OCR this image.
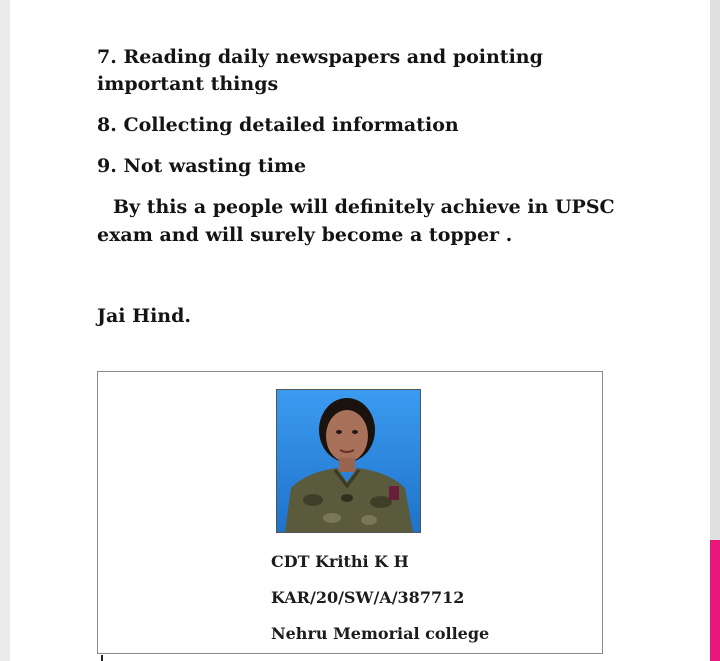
7. Reading daily newspapers and pointing
important things
8. Collecting detailed information
9. Not wasting time
By this a people will definitely achieve in UPSC
exam and will surely become a topper .
Jai Hind.
CDT Krithi K H
KAR/20/SW/A/387712
Nehru Memorial college
